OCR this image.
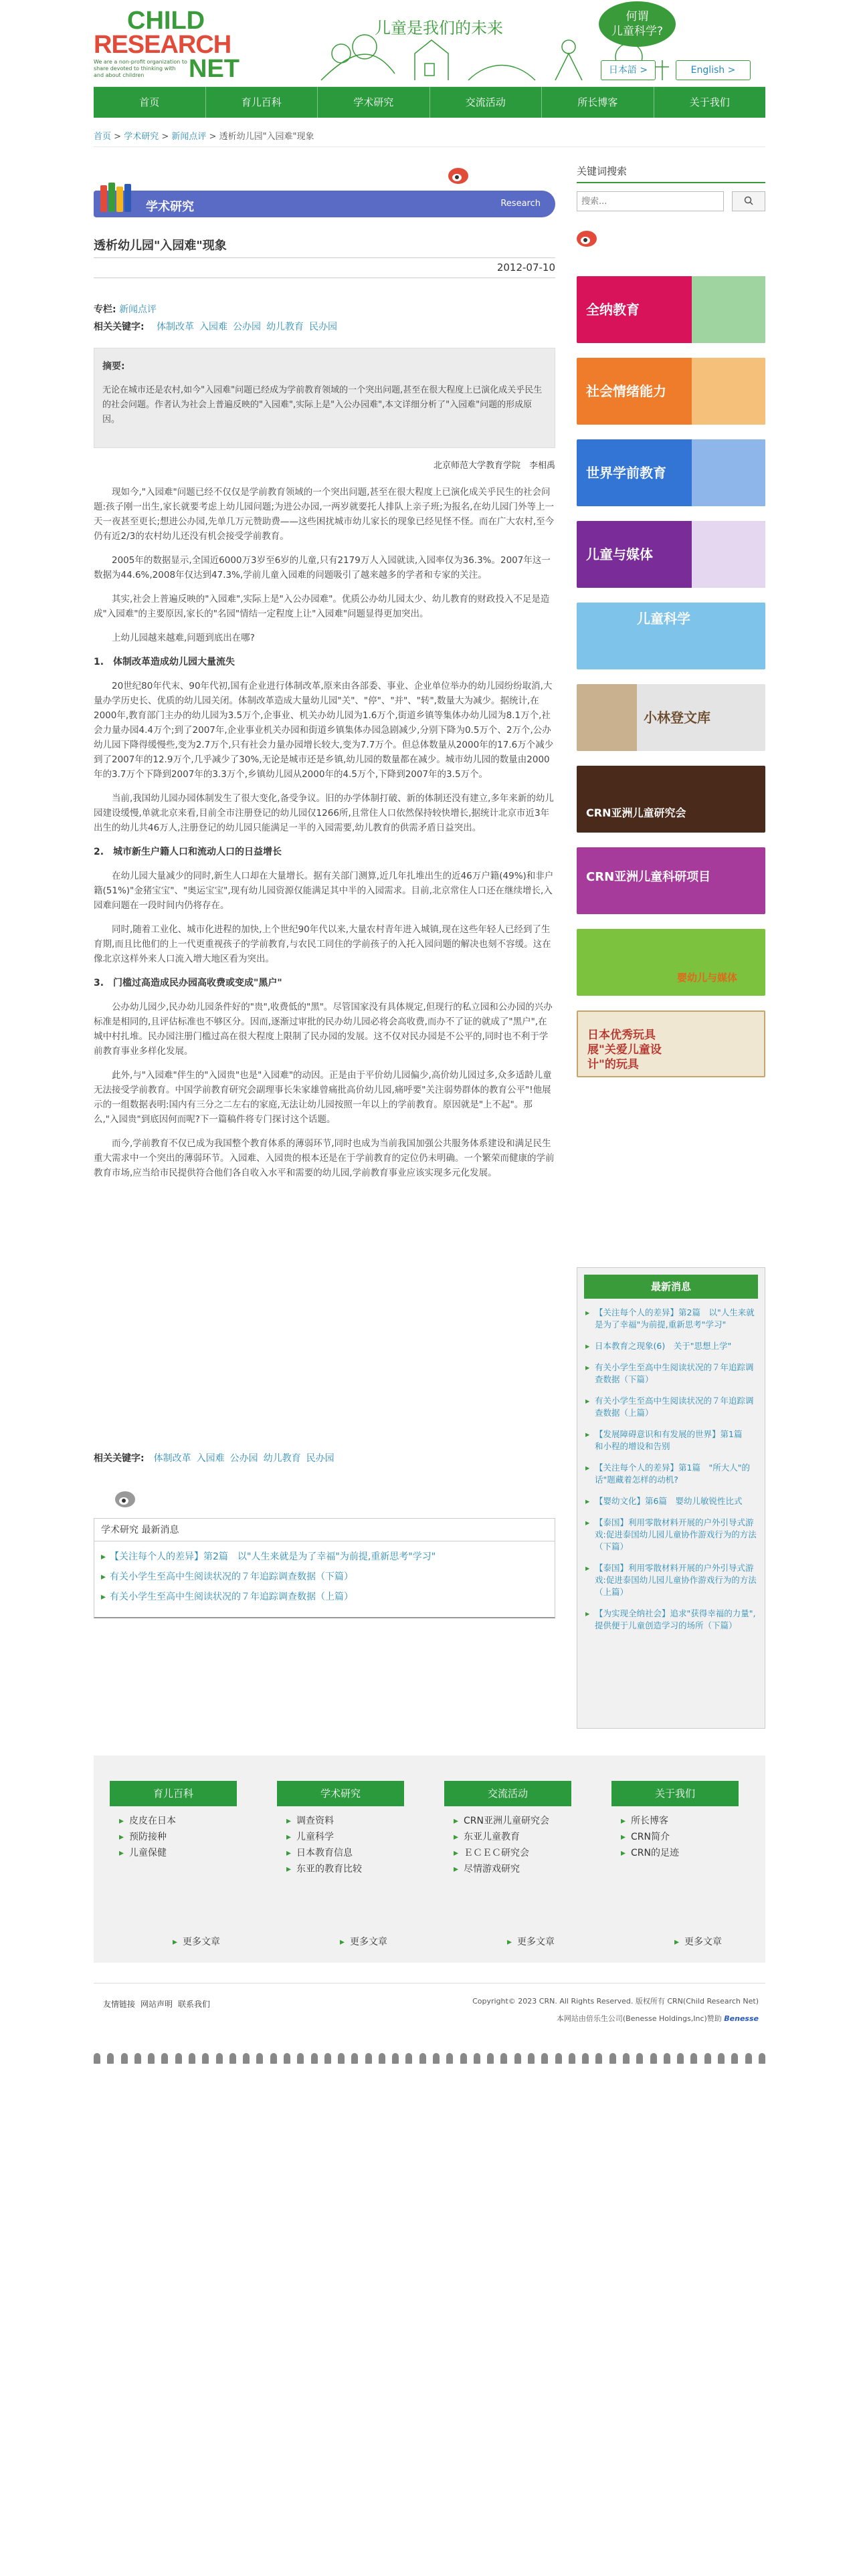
CHILD
RESEARCH
We are a non-profit organization to share devoted to thinking with and about children	NET
儿童是我们的未来
何谓
儿童科学?
日本語 >	English >
首页	育儿百科	学术研究	交流活动	所长博客	关于我们
首页 > 学术研究 > 新闻点评 > 透析幼儿园"入园难"现象
学术研究	Research
透析幼儿园"入园难"现象
2012-07-10
专栏: 新闻点评
相关关键字: 体制改革 入园难 公办园 幼儿教育 民办园
摘要:
无论在城市还是农村,如今"入园难"问题已经成为学前教育领域的一个突出问题,甚至在很大程度上已演化成关乎民生的社会问题。作者认为社会上普遍反映的"入园难",实际上是"入公办园难",本文详细分析了"入园难"问题的形成原因。
北京师范大学教育学院　李相禹

现如今,"入园难"问题已经不仅仅是学前教育领域的一个突出问题,甚至在很大程度上已演化成关乎民生的社会问题:孩子刚一出生,家长就要考虑上幼儿园问题;为进公办园,一两岁就要托人排队上亲子班;为报名,在幼儿园门外等上一天一夜甚至更长;想进公办园,先单几万元赞助费——这些困扰城市幼儿家长的现象已经见怪不怪。而在广大农村,至今仍有近2/3的农村幼儿还没有机会接受学前教育。

2005年的数据显示,全国近6000万3岁至6岁的儿童,只有2179万人入园就读,入园率仅为36.3%。2007年这一数据为44.6%,2008年仅达到47.3%,学前儿童入园难的问题吸引了越来越多的学者和专家的关注。

其实,社会上普遍反映的"入园难",实际上是"入公办园难"。优质公办幼儿园太少、幼儿教育的财政投入不足是造成"入园难"的主要原因,家长的"名园"情结一定程度上让"入园难"问题显得更加突出。

上幼儿园越来越难,问题到底出在哪?

1.　体制改革造成幼儿园大量流失

20世纪80年代末、90年代初,国有企业进行体制改革,原来由各部委、事业、企业单位举办的幼儿园纷纷取消,大量办学历史长、优质的幼儿园关闭。体制改革造成大量幼儿园"关"、"停"、"并"、"转",数量大为减少。据统计,在2000年,教育部门主办的幼儿园为3.5万个,企事业、机关办幼儿园为1.6万个,街道乡镇等集体办幼儿园为8.1万个,社会力量办园4.4万个;到了2007年,企业事业机关办园和街道乡镇集体办园急剧减少,分别下降为0.5万个、2万个,公办幼儿园下降得缓慢些,变为2.7万个,只有社会力量办园增长较大,变为7.7万个。但总体数量从2000年的17.6万个减少到了2007年的12.9万个,几乎减少了30%,无论是城市还是乡镇,幼儿园的数量都在减少。城市幼儿园的数量由2000年的3.7万个下降到2007年的3.3万个,乡镇幼儿园从2000年的4.5万个,下降到2007年的3.5万个。

当前,我国幼儿园办园体制发生了很大变化,备受争议。旧的办学体制打破、新的体制还没有建立,多年来新的幼儿园建设缓慢,单就北京来看,目前全市注册登记的幼儿园仅1266所,且常住人口依然保持较快增长,据统计北京市近3年出生的幼儿共46万人,注册登记的幼儿园只能满足一半的入园需要,幼儿教育的供需矛盾日益突出。

2.　城市新生户籍人口和流动人口的日益增长

在幼儿园大量减少的同时,新生人口却在大量增长。据有关部门测算,近几年扎堆出生的近46万户籍(49%)和非户籍(51%)"金猪宝宝"、"奥运宝宝",现有幼儿园资源仅能满足其中半的入园需求。目前,北京常住人口还在继续增长,入园难问题在一段时间内仍将存在。

同时,随着工业化、城市化进程的加快,上个世纪90年代以来,大量农村青年进入城镇,现在这些年轻人已经到了生育期,而且比他们的上一代更重视孩子的学前教育,与农民工同住的学前孩子的入托入园问题的解决也刻不容缓。这在像北京这样外来人口流入增大地区看为突出。

3.　门槛过高造成民办园高收费或变成"黑户"

公办幼儿园少,民办幼儿园条件好的"贵",收费低的"黑"。尽管国家没有具体规定,但现行的私立园和公办园的兴办标准是相同的,且评估标准也不够区分。因而,逐渐过审批的民办幼儿园必将会高收费,而办不了证的就成了"黑户",在城中村扎堆。民办园注册门槛过高在很大程度上限制了民办园的发展。这不仅对民办园是不公平的,同时也不利于学前教育事业多样化发展。

此外,与"入园难"伴生的"入园贵"也是"入园难"的动因。正是由于平价幼儿园偏少,高价幼儿园过多,众多适龄儿童无法接受学前教育。中国学前教育研究会副理事长朱家雄曾痛批高价幼儿园,痛呼要"关注弱势群体的教育公平"!他展示的一组数据表明:国内有三分之二左右的家庭,无法让幼儿园按照一年以上的学前教育。原因就是"上不起"。那么,"入园贵"到底因何而呢?下一篇稿件将专门探讨这个话题。

而今,学前教育不仅已成为我国整个教育体系的薄弱环节,同时也成为当前我国加强公共服务体系建设和满足民生重大需求中一个突出的薄弱环节。入园难、入园贵的根本还是在于学前教育的定位仍未明确。一个繁荣而健康的学前教育市场,应当给市民提供符合他们各自收入水平和需要的幼儿园,学前教育事业应该实现多元化发展。

相关关键字: 体制改革 入园难 公办园 幼儿教育 民办园
学术研究 最新消息
▸ 【关注每个人的差异】第2篇　以"人生来就是为了幸福"为前提,重新思考"学习"
▸ 有关小学生至高中生阅读状况的７年追踪调查数据（下篇）
▸ 有关小学生至高中生阅读状况的７年追踪调查数据（上篇）
关键词搜索
搜索...
全纳教育
社会情绪能力
世界学前教育
儿童与媒体
儿童科学
小林登文库
CRN亚洲儿童研究会
CRN亚洲儿童科研项目
婴幼儿与媒体
日本优秀玩具展"关爱儿童设计"的玩具
最新消息
▸ 【关注每个人的差异】第2篇　以"人生来就是为了幸福"为前提,重新思考"学习"
▸ 日本教育之现象(6)　关于"思想上学"
▸ 有关小学生至高中生阅读状况的７年追踪调查数据（下篇）
▸ 有关小学生至高中生阅读状况的７年追踪调查数据（上篇）
▸ 【发展障碍意识和有发展的世界】第1篇　和小程的增设和告别
▸ 【关注每个人的差异】第1篇　"所大人"的话"题藏着怎样的动机?
▸ 【婴幼文化】第6篇　婴幼儿敏锐性比式
▸ 【泰国】利用零散材料开展的户外引导式游戏:促进泰国幼儿园儿童协作游戏行为的方法（下篇）
▸ 【泰国】利用零散材料开展的户外引导式游戏:促进泰国幼儿园儿童协作游戏行为的方法（上篇）
▸ 【为实现全纳社会】追求"获得幸福的力量",提供便于儿童创造学习的场所（下篇）
育儿百科
▸ 皮皮在日本
▸ 预防接种
▸ 儿童保健
▸ 更多文章
学术研究
▸ 调查资料
▸ 儿童科学
▸ 日本教育信息
▸ 东亚的教育比较
▸ 更多文章
交流活动
▸ CRN亚洲儿童研究会
▸ 东亚儿童教育
▸ ＥＣＥＣ研究会
▸ 尽情游戏研究
▸ 更多文章
关于我们
▸ 所长博客
▸ CRN简介
▸ CRN的足迹
▸ 更多文章
友情链接 网站声明 联系我们	Copyright© 2023 CRN. All Rights Reserved. 版权所有 CRN(Child Research Net)
本网站由倍乐生公司(Benesse Holdings,Inc)赞助 Benesse
